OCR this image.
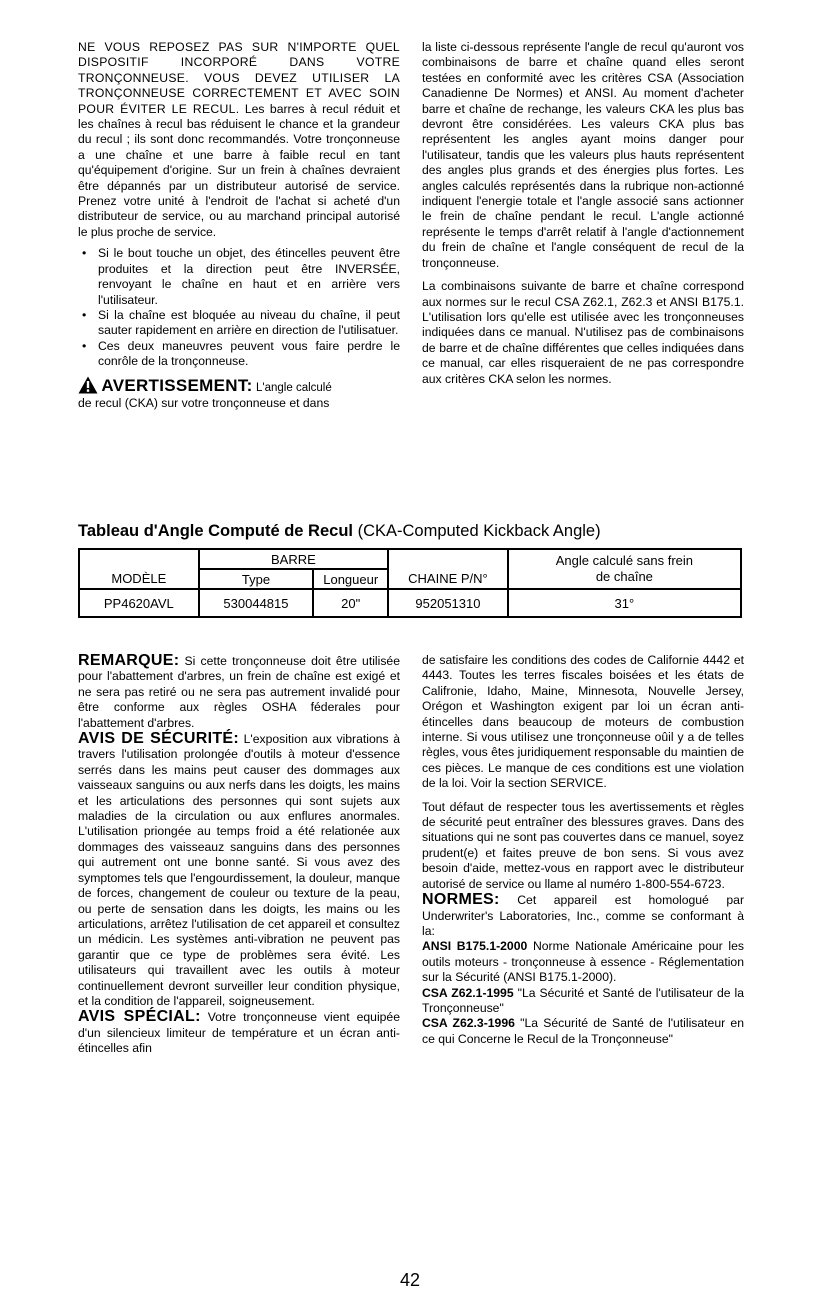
NE VOUS REPOSEZ PAS SUR N'IMPORTE QUEL DISPOSITIF INCORPORÉ DANS VOTRE TRONÇONNEUSE. VOUS DEVEZ UTILISER LA TRONÇONNEUSE CORRECTEMENT ET AVEC SOIN POUR ÉVITER LE RECUL. Les barres à recul réduit et les chaînes à recul bas réduisent le chance et la grandeur du recul ; ils sont donc recommandés. Votre tronçonneuse a une chaîne et une barre à faible recul en tant qu'équipement d'origine. Sur un frein à chaînes devraient être dépannés par un distributeur autorisé de service. Prenez votre unité à l'endroit de l'achat si acheté d'un distributeur de service, ou au marchand principal autorisé le plus proche de service.

• Si le bout touche un objet, des étincelles peuvent être produites et la direction peut être INVERSÉE, renvoyant le chaîne en haut et en arrière vers l'utilisateur.
• Si la chaîne est bloquée au niveau du chaîne, il peut sauter rapidement en arrière en direction de l'utilisatuer.
• Ces deux maneuvres peuvent vous faire perdre le conrôle de la tronçonneuse.

AVERTISSEMENT: L'angle calculé
de recul (CKA) sur votre tronçonneuse et dans

la liste ci-dessous représente l'angle de recul qu'auront vos combinaisons de barre et chaîne quand elles seront testées en conformité avec les critères CSA (Association Canadienne De Normes) et ANSI. Au moment d'acheter barre et chaîne de rechange, les valeurs CKA les plus bas devront être considérées. Les valeurs CKA plus bas représentent les angles ayant moins danger pour l'utilisateur, tandis que les valeurs plus hauts représentent des angles plus grands et des énergies plus fortes. Les angles calculés représentés dans la rubrique non-actionné indiquent l'energie totale et l'angle associé sans actionner le frein de chaîne pendant le recul. L'angle actionné représente le temps d'arrêt relatif à l'angle d'actionnement du frein de chaîne et l'angle conséquent de recul de la tronçonneuse.

La combinaisons suivante de barre et chaîne correspond aux normes sur le recul CSA Z62.1, Z62.3 et ANSI B175.1. L'utilisation lors qu'elle est utilisée avec les tronçonneuses indiquées dans ce manual. N'utilisez pas de combinaisons de barre et de chaîne différentes que celles indiquées dans ce manual, car elles risqueraient de ne pas correspondre aux critères CKA selon les normes.

Tableau d'Angle Computé de Recul (CKA-Computed Kickback Angle)
MODÈLE	BARRE		CHAINE P/N°	Angle calculé sans frein de chaîne
	Type	Longueur		
PP4620AVL	530044815	20"	952051310	31°

REMARQUE: Si cette tronçonneuse doit être utilisée pour l'abattement d'arbres, un frein de chaîne est exigé et ne sera pas retiré ou ne sera pas autrement invalidé pour être conforme aux règles OSHA féderales pour l'abattement d'arbres.

AVIS DE SÉCURITÉ: L'exposition aux vibrations à travers l'utilisation prolongée d'outils à moteur d'essence serrés dans les mains peut causer des dommages aux vaisseaux sanguins ou aux nerfs dans les doigts, les mains et les articulations des personnes qui sont sujets aux maladies de la circulation ou aux enflures anormales. L'utilisation priongée au temps froid a été relationée aux dommages des vaisseauz sanguins dans des personnes qui autrement ont une bonne santé. Si vous avez des symptomes tels que l'engourdissement, la douleur, manque de forces, changement de couleur ou texture de la peau, ou perte de sensation dans les doigts, les mains ou les articulations, arrêtez l'utilisation de cet appareil et consultez un médicin. Les systèmes anti-vibration ne peuvent pas garantir que ce type de problèmes sera évité. Les utilisateurs qui travaillent avec les outils à moteur continuellement devront surveiller leur condition physique, et la condition de l'appareil, soigneusement.

AVIS SPÉCIAL: Votre tronçonneuse vient equipée d'un silencieux limiteur de température et un écran anti-étincelles afin

de satisfaire les conditions des codes de Californie 4442 et 4443. Toutes les terres fiscales boisées et les états de Califronie, Idaho, Maine, Minnesota, Nouvelle Jersey, Orégon et Washington exigent par loi un écran anti-étincelles dans beaucoup de moteurs de combustion interne. Si vous utiIisez une tronçonneuse oûil y a de telles règles, vous êtes juridiquement responsable du maintien de ces pièces. Le manque de ces conditions est une violation de la loi. Voir la section SERVICE.

Tout défaut de respecter tous les avertissements et règles de sécurité peut entraîner des blessures graves. Dans des situations qui ne sont pas couvertes dans ce manuel, soyez prudent(e) et faites preuve de bon sens. Si vous avez besoin d'aide, mettez-vous en rapport avec le distributeur autorisé de service ou llame al numéro 1-800-554-6723.

NORMES: Cet appareil est homologué par Underwriter's Laboratories, Inc., comme se conformant à la:

ANSI B175.1-2000 Norme Nationale Américaine pour les outils moteurs - tronçonneuse à essence - Réglementation sur la Sécurité (ANSI B175.1-2000).

CSA Z62.1-1995 "La Sécurité et Santé de l'utilisateur de la Tronçonneuse"

CSA Z62.3-1996 "La Sécurité de Santé de l'utilisateur en ce qui Concerne le Recul de la Tronçonneuse"

42
